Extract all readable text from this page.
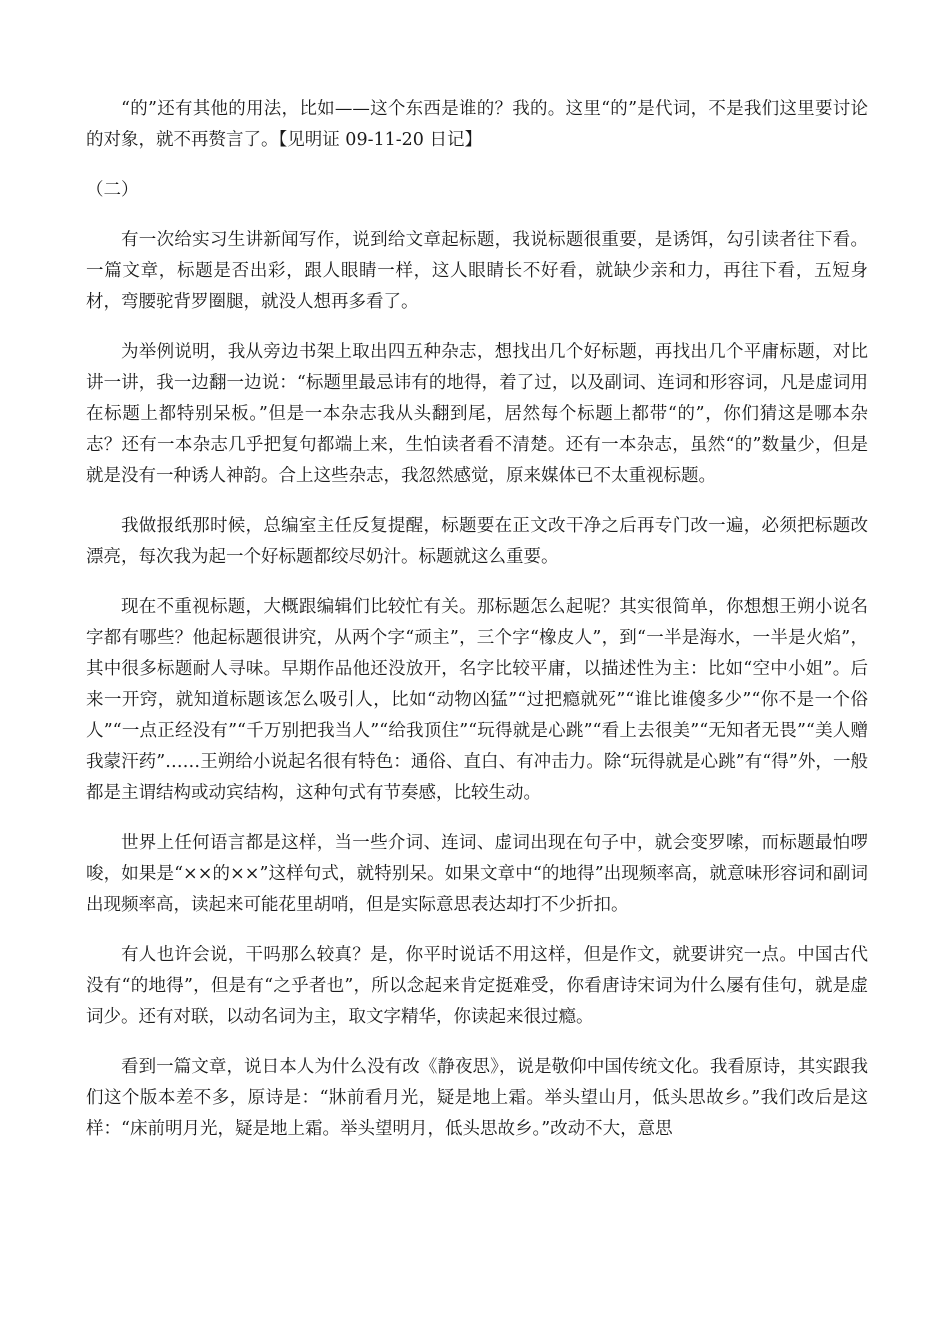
“的”还有其他的用法，比如——这个东西是谁的？我的。这里“的”是代词，不是我们这里要讨论的对象，就不再赘言了。【见明证 09-11-20 日记】

（二）

有一次给实习生讲新闻写作，说到给文章起标题，我说标题很重要，是诱饵，勾引读者往下看。一篇文章，标题是否出彩，跟人眼睛一样，这人眼睛长不好看，就缺少亲和力，再往下看，五短身材，弯腰驼背罗圈腿，就没人想再多看了。

为举例说明，我从旁边书架上取出四五种杂志，想找出几个好标题，再找出几个平庸标题，对比讲一讲，我一边翻一边说：“标题里最忌讳有的地得，着了过，以及副词、连词和形容词，凡是虚词用在标题上都特别呆板。”但是一本杂志我从头翻到尾，居然每个标题上都带“的”，你们猜这是哪本杂志？还有一本杂志几乎把复句都端上来，生怕读者看不清楚。还有一本杂志，虽然“的”数量少，但是就是没有一种诱人神韵。合上这些杂志，我忽然感觉，原来媒体已不太重视标题。

我做报纸那时候，总编室主任反复提醒，标题要在正文改干净之后再专门改一遍，必须把标题改漂亮，每次我为起一个好标题都绞尽奶汁。标题就这么重要。

现在不重视标题，大概跟编辑们比较忙有关。那标题怎么起呢？其实很简单，你想想王朔小说名字都有哪些？他起标题很讲究，从两个字“顽主”，三个字“橡皮人”，到“一半是海水，一半是火焰”，其中很多标题耐人寻味。早期作品他还没放开，名字比较平庸，以描述性为主：比如“空中小姐”。后来一开窍，就知道标题该怎么吸引人，比如“动物凶猛”“过把瘾就死”“谁比谁傻多少”“你不是一个俗人”“一点正经没有”“千万别把我当人”“给我顶住”“玩得就是心跳”“看上去很美”“无知者无畏”“美人赠我蒙汗药”……王朔给小说起名很有特色：通俗、直白、有冲击力。除“玩得就是心跳”有“得”外，一般都是主谓结构或动宾结构，这种句式有节奏感，比较生动。

世界上任何语言都是这样，当一些介词、连词、虚词出现在句子中，就会变罗嗦，而标题最怕啰唆，如果是“××的××”这样句式，就特别呆。如果文章中“的地得”出现频率高，就意味形容词和副词出现频率高，读起来可能花里胡哨，但是实际意思表达却打不少折扣。

有人也许会说，干吗那么较真？是，你平时说话不用这样，但是作文，就要讲究一点。中国古代没有“的地得”，但是有“之乎者也”，所以念起来肯定挺难受，你看唐诗宋词为什么屡有佳句，就是虚词少。还有对联，以动名词为主，取文字精华，你读起来很过瘾。

看到一篇文章，说日本人为什么没有改《静夜思》，说是敬仰中国传统文化。我看原诗，其实跟我们这个版本差不多，原诗是：“牀前看月光，疑是地上霜。举头望山月，低头思故乡。”我们改后是这样：“床前明月光，疑是地上霜。举头望明月，低头思故乡。”改动不大，意思
